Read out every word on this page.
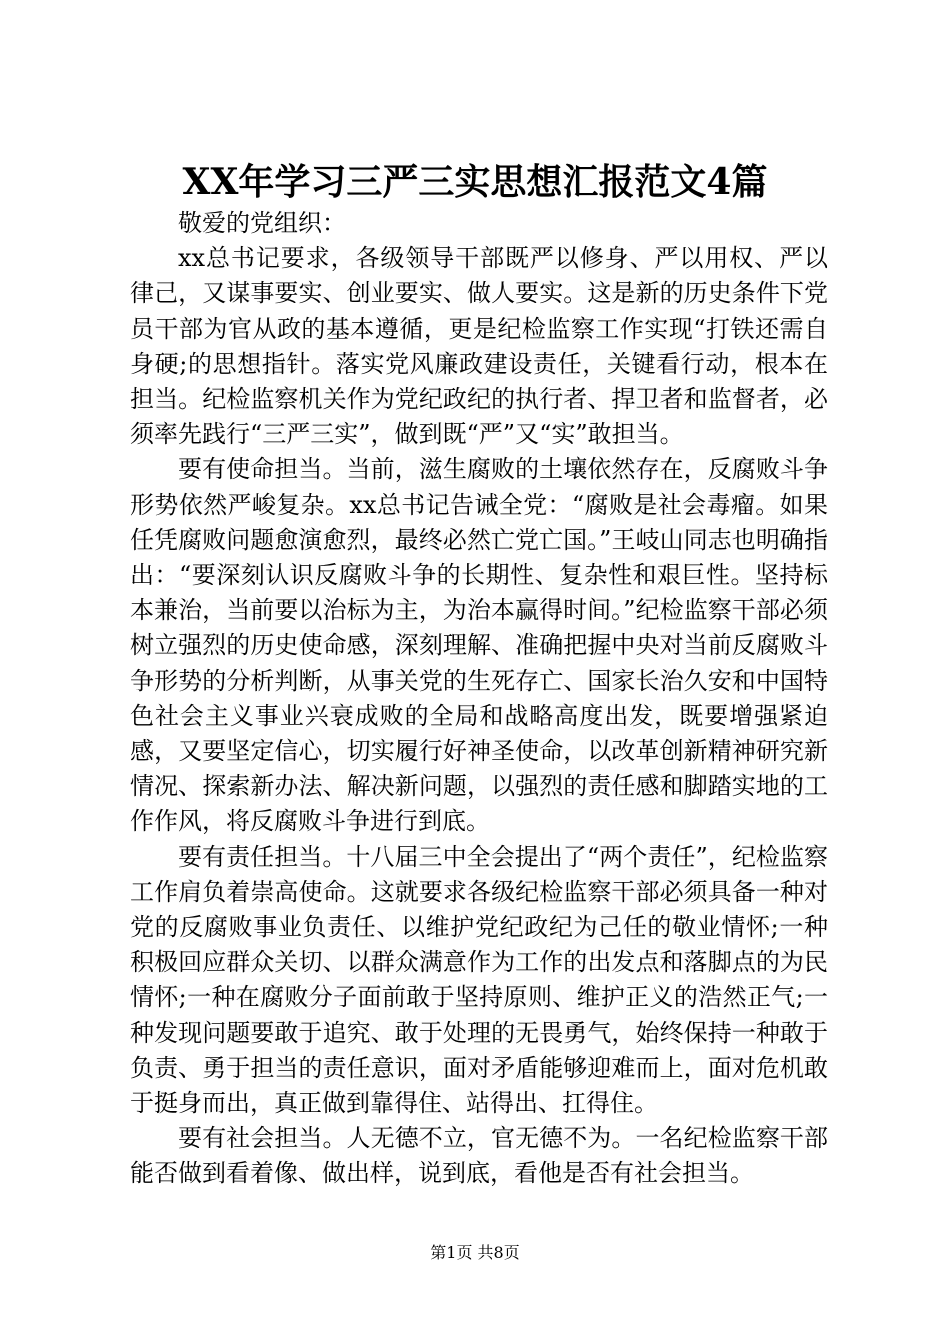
XX年学习三严三实思想汇报范文4篇

敬爱的党组织：

xx总书记要求，各级领导干部既严以修身、严以用权、严以律己，又谋事要实、创业要实、做人要实。这是新的历史条件下党员干部为官从政的基本遵循，更是纪检监察工作实现“打铁还需自身硬;的思想指针。落实党风廉政建设责任，关键看行动，根本在担当。纪检监察机关作为党纪政纪的执行者、捍卫者和监督者，必须率先践行“三严三实”，做到既“严”又“实”敢担当。

要有使命担当。当前，滋生腐败的土壤依然存在，反腐败斗争形势依然严峻复杂。xx总书记告诫全党：“腐败是社会毒瘤。如果任凭腐败问题愈演愈烈，最终必然亡党亡国。”王岐山同志也明确指出：“要深刻认识反腐败斗争的长期性、复杂性和艰巨性。坚持标本兼治，当前要以治标为主，为治本赢得时间。”纪检监察干部必须树立强烈的历史使命感，深刻理解、准确把握中央对当前反腐败斗争形势的分析判断，从事关党的生死存亡、国家长治久安和中国特色社会主义事业兴衰成败的全局和战略高度出发，既要增强紧迫感，又要坚定信心，切实履行好神圣使命，以改革创新精神研究新情况、探索新办法、解决新问题，以强烈的责任感和脚踏实地的工作作风，将反腐败斗争进行到底。

要有责任担当。十八届三中全会提出了“两个责任”，纪检监察工作肩负着崇高使命。这就要求各级纪检监察干部必须具备一种对党的反腐败事业负责任、以维护党纪政纪为己任的敬业情怀;一种积极回应群众关切、以群众满意作为工作的出发点和落脚点的为民情怀;一种在腐败分子面前敢于坚持原则、维护正义的浩然正气;一种发现问题要敢于追究、敢于处理的无畏勇气，始终保持一种敢于负责、勇于担当的责任意识，面对矛盾能够迎难而上，面对危机敢于挺身而出，真正做到靠得住、站得出、扛得住。

要有社会担当。人无德不立，官无德不为。一名纪检监察干部能否做到看着像、做出样，说到底，看他是否有社会担当。

第1页 共8页
